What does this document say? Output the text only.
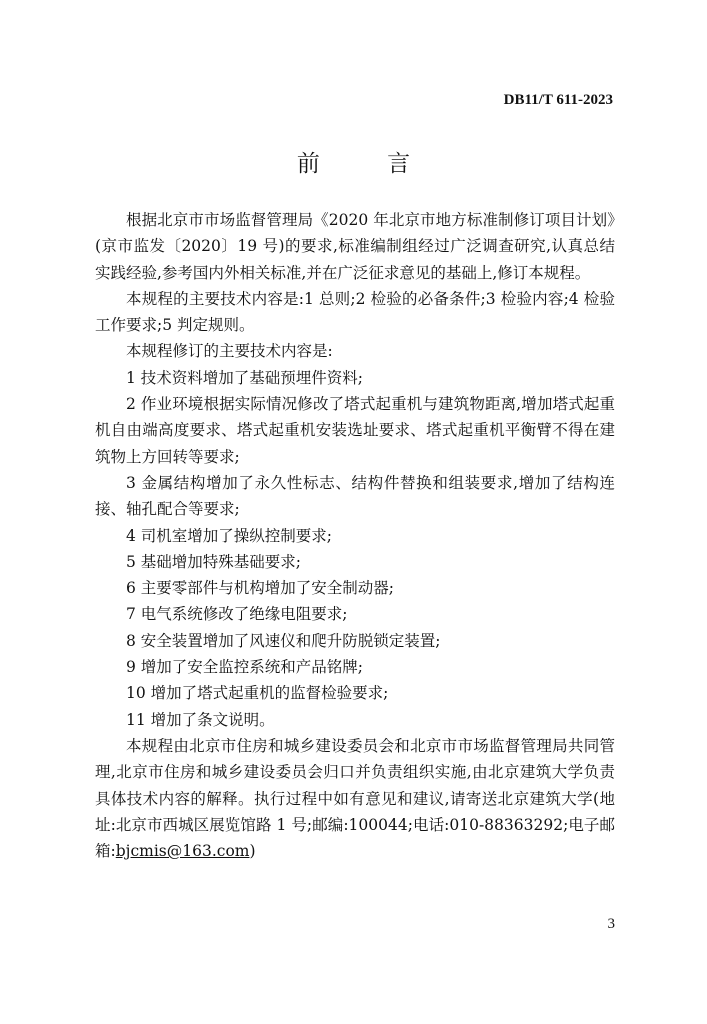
DB11/T 611-2023
前 言

根据北京市市场监督管理局《2020 年北京市地方标准制修订项目计划》(京市监发〔2020〕19 号)的要求,标准编制组经过广泛调查研究,认真总结实践经验,参考国内外相关标准,并在广泛征求意见的基础上,修订本规程。

本规程的主要技术内容是:1 总则;2 检验的必备条件;3 检验内容;4 检验工作要求;5 判定规则。

本规程修订的主要技术内容是:

1 技术资料增加了基础预埋件资料;

2 作业环境根据实际情况修改了塔式起重机与建筑物距离,增加塔式起重机自由端高度要求、塔式起重机安装选址要求、塔式起重机平衡臂不得在建筑物上方回转等要求;

3 金属结构增加了永久性标志、结构件替换和组装要求,增加了结构连接、轴孔配合等要求;

4 司机室增加了操纵控制要求;

5 基础增加特殊基础要求;

6 主要零部件与机构增加了安全制动器;

7 电气系统修改了绝缘电阻要求;

8 安全装置增加了风速仪和爬升防脱锁定装置;

9 增加了安全监控系统和产品铭牌;

10 增加了塔式起重机的监督检验要求;

11 增加了条文说明。

本规程由北京市住房和城乡建设委员会和北京市市场监督管理局共同管理,北京市住房和城乡建设委员会归口并负责组织实施,由北京建筑大学负责具体技术内容的解释。执行过程中如有意见和建议,请寄送北京建筑大学(地址:北京市西城区展览馆路 1 号;邮编:100044;电话:010-88363292;电子邮箱:bjcmis@163.com)

3
